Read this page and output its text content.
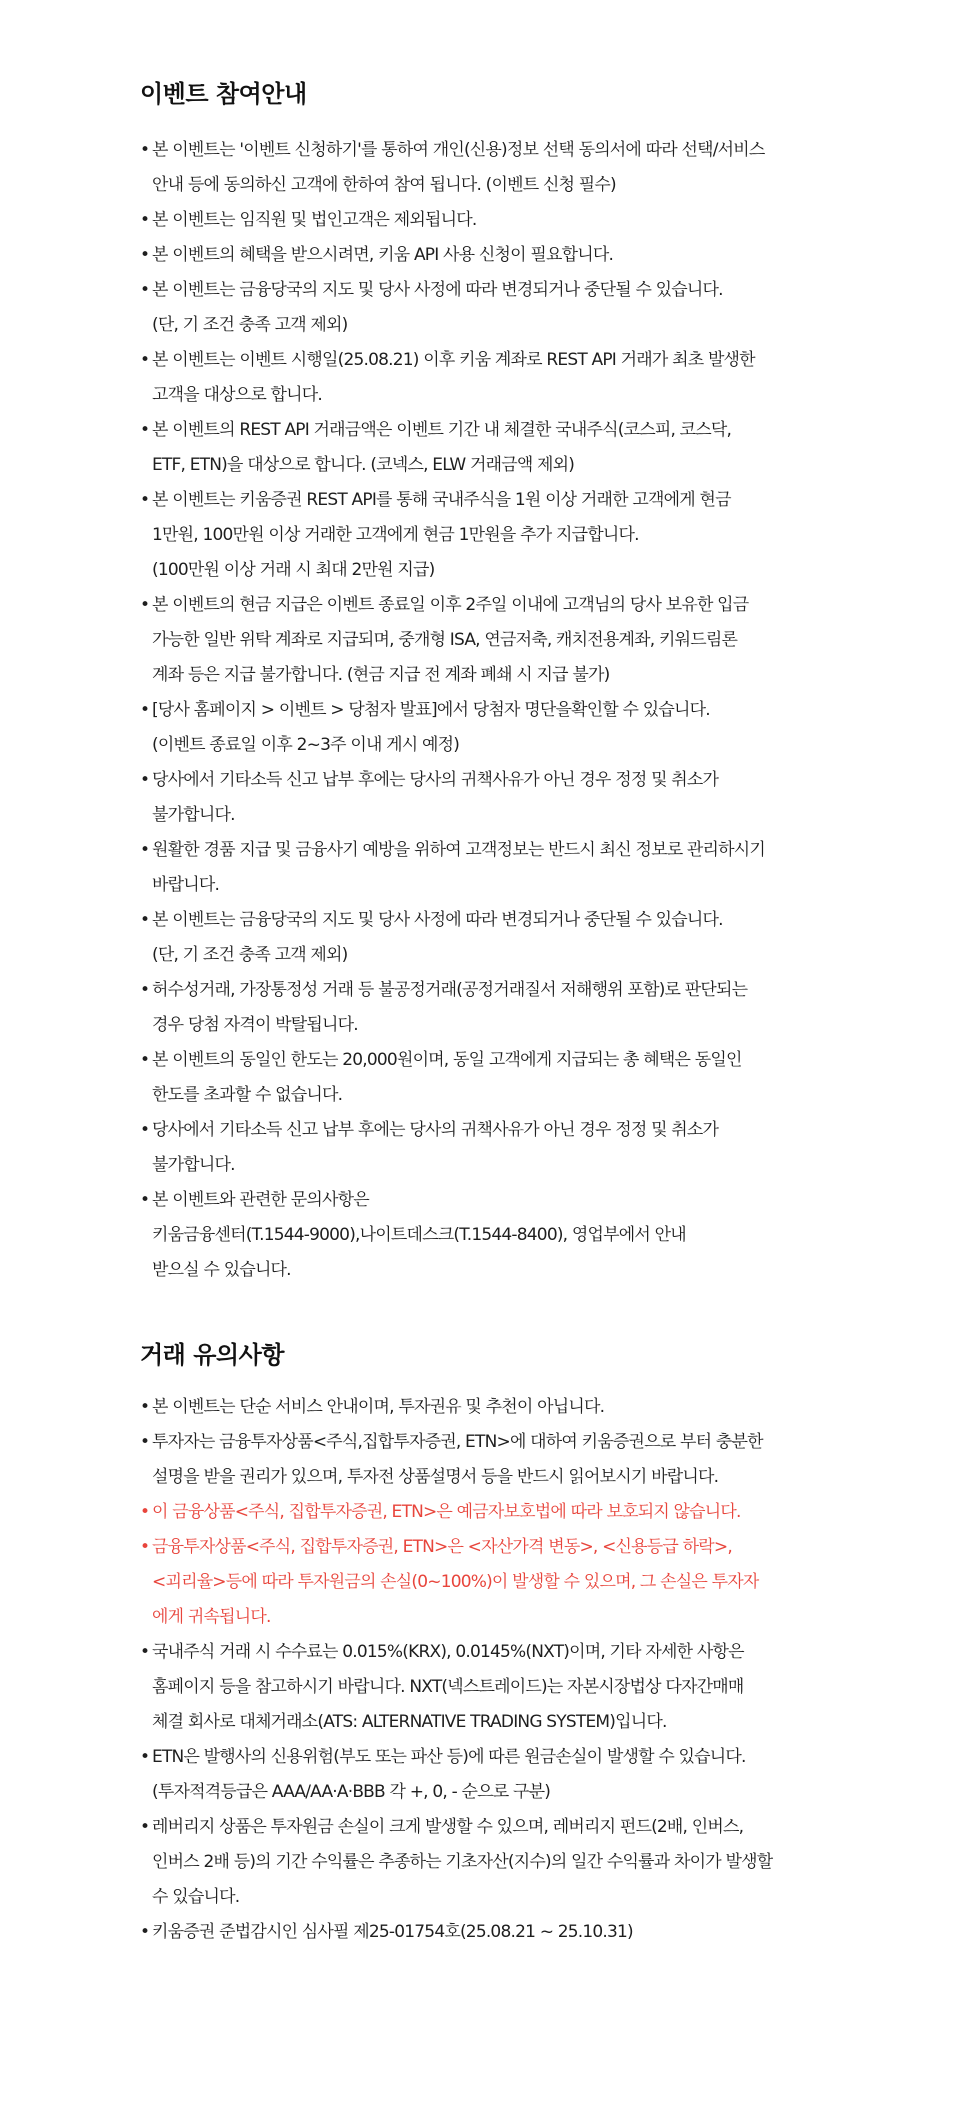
이벤트 참여안내
• 본 이벤트는 '이벤트 신청하기'를 통하여 개인(신용)정보 선택 동의서에 따라 선택/서비스
안내 등에 동의하신 고객에 한하여 참여 됩니다. (이벤트 신청 필수)
• 본 이벤트는 임직원 및 법인고객은 제외됩니다.
• 본 이벤트의 혜택을 받으시려면, 키움 API 사용 신청이 필요합니다.
• 본 이벤트는 금융당국의 지도 및 당사 사정에 따라 변경되거나 중단될 수 있습니다.
(단, 기 조건 충족 고객 제외)
• 본 이벤트는 이벤트 시행일(25.08.21) 이후 키움 계좌로 REST API 거래가 최초 발생한
고객을 대상으로 합니다.
• 본 이벤트의 REST API 거래금액은 이벤트 기간 내 체결한 국내주식(코스피, 코스닥,
ETF, ETN)을 대상으로 합니다. (코넥스, ELW 거래금액 제외)
• 본 이벤트는 키움증권 REST API를 통해 국내주식을 1원 이상 거래한 고객에게 현금
1만원, 100만원 이상 거래한 고객에게 현금 1만원을 추가 지급합니다.
(100만원 이상 거래 시 최대 2만원 지급)
• 본 이벤트의 현금 지급은 이벤트 종료일 이후 2주일 이내에 고객님의 당사 보유한 입금
가능한 일반 위탁 계좌로 지급되며, 중개형 ISA, 연금저축, 캐치전용계좌, 키워드림론
계좌 등은 지급 불가합니다. (현금 지급 전 계좌 폐쇄 시 지급 불가)
• [당사 홈페이지 > 이벤트 > 당첨자 발표]에서 당첨자 명단을확인할 수 있습니다.
(이벤트 종료일 이후 2~3주 이내 게시 예정)
• 당사에서 기타소득 신고 납부 후에는 당사의 귀책사유가 아닌 경우 정정 및 취소가
불가합니다.
• 원활한 경품 지급 및 금융사기 예방을 위하여 고객정보는 반드시 최신 정보로 관리하시기
바랍니다.
• 본 이벤트는 금융당국의 지도 및 당사 사정에 따라 변경되거나 중단될 수 있습니다.
(단, 기 조건 충족 고객 제외)
• 허수성거래, 가장통정성 거래 등 불공정거래(공정거래질서 저해행위 포함)로 판단되는
경우 당첨 자격이 박탈됩니다.
• 본 이벤트의 동일인 한도는 20,000원이며, 동일 고객에게 지급되는 총 혜택은 동일인
한도를 초과할 수 없습니다.
• 당사에서 기타소득 신고 납부 후에는 당사의 귀책사유가 아닌 경우 정정 및 취소가
불가합니다.
• 본 이벤트와 관련한 문의사항은
키움금융센터(T.1544-9000),나이트데스크(T.1544-8400), 영업부에서 안내
받으실 수 있습니다.
거래 유의사항
• 본 이벤트는 단순 서비스 안내이며, 투자권유 및 추천이 아닙니다.
• 투자자는 금융투자상품<주식,집합투자증권, ETN>에 대하여 키움증권으로 부터 충분한
설명을 받을 권리가 있으며, 투자전 상품설명서 등을 반드시 읽어보시기 바랍니다.
• 이 금융상품<주식, 집합투자증권, ETN>은 예금자보호법에 따라 보호되지 않습니다.
• 금융투자상품<주식, 집합투자증권, ETN>은 <자산가격 변동>, <신용등급 하락>,
<괴리율>등에 따라 투자원금의 손실(0~100%)이 발생할 수 있으며, 그 손실은 투자자
에게 귀속됩니다.
• 국내주식 거래 시 수수료는 0.015%(KRX), 0.0145%(NXT)이며, 기타 자세한 사항은
홈페이지 등을 참고하시기 바랍니다. NXT(넥스트레이드)는 자본시장법상 다자간매매
체결 회사로 대체거래소(ATS: ALTERNATIVE TRADING SYSTEM)입니다.
• ETN은 발행사의 신용위험(부도 또는 파산 등)에 따른 원금손실이 발생할 수 있습니다.
(투자적격등급은 AAA/AA·A·BBB 각 +, 0, - 순으로 구분)
• 레버리지 상품은 투자원금 손실이 크게 발생할 수 있으며, 레버리지 펀드(2배, 인버스,
인버스 2배 등)의 기간 수익률은 추종하는 기초자산(지수)의 일간 수익률과 차이가 발생할
수 있습니다.
• 키움증권 준법감시인 심사필 제25-01754호(25.08.21 ~ 25.10.31)
